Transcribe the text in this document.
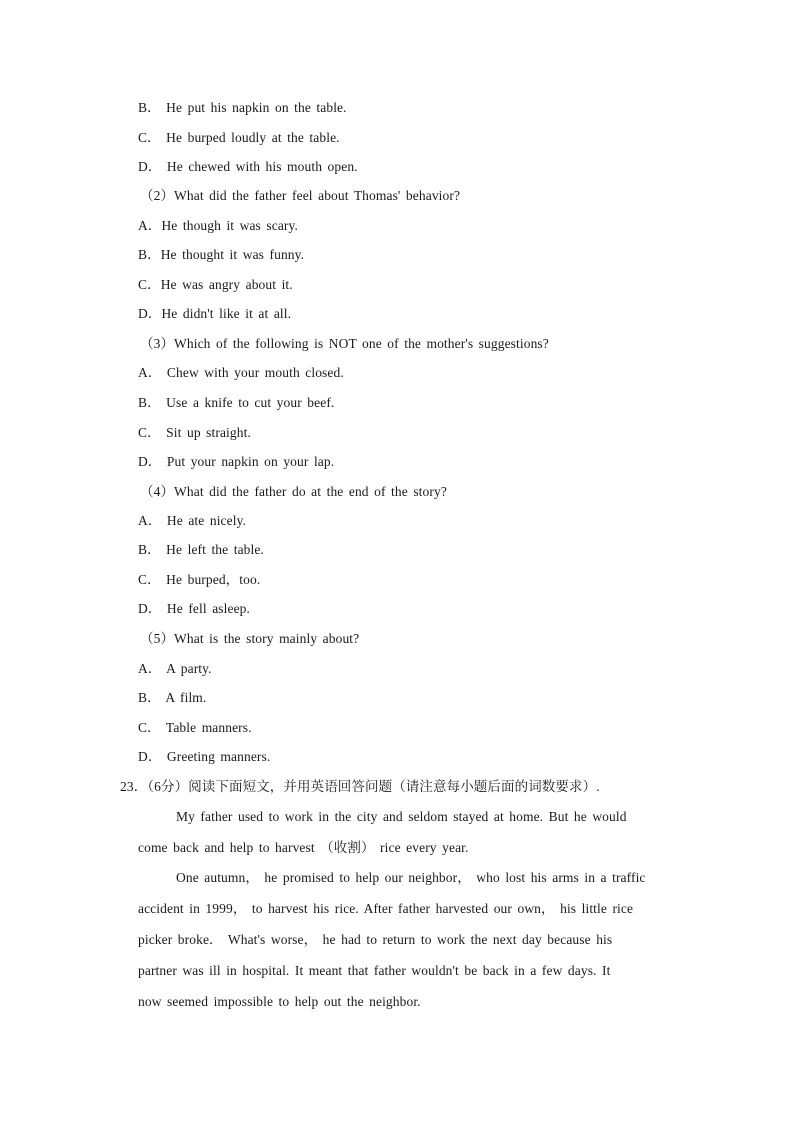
B． He put his napkin on the table.
C． He burped loudly at the table.
D． He chewed with his mouth open.
（2）What did the father feel about Thomas' behavior?
A．He though it was scary.
B．He thought it was funny.
C．He was angry about it.
D．He didn't like it at all.
（3）Which of the following is NOT one of the mother's suggestions?
A． Chew with your mouth closed.
B． Use a knife to cut your beef.
C． Sit up straight.
D． Put your napkin on your lap.
（4）What did the father do at the end of the story?
A． He ate nicely.
B． He left the table.
C． He burped，too.
D． He fell asleep.
（5）What is the story mainly about?
A． A party.
B． A film.
C． Table manners.
D． Greeting manners.
23．（6分）阅读下面短文，并用英语回答问题（请注意每小题后面的词数要求）.
My father used to work in the city and seldom stayed at home. But he would
come back and help to harvest （收割） rice every year.
One autumn， he promised to help our neighbor， who lost his arms in a traffic
accident in 1999， to harvest his rice. After father harvested our own， his little rice
picker broke． What's worse， he had to return to work the next day because his
partner was ill in hospital. It meant that father wouldn't be back in a few days. It
now seemed impossible to help out the neighbor.
